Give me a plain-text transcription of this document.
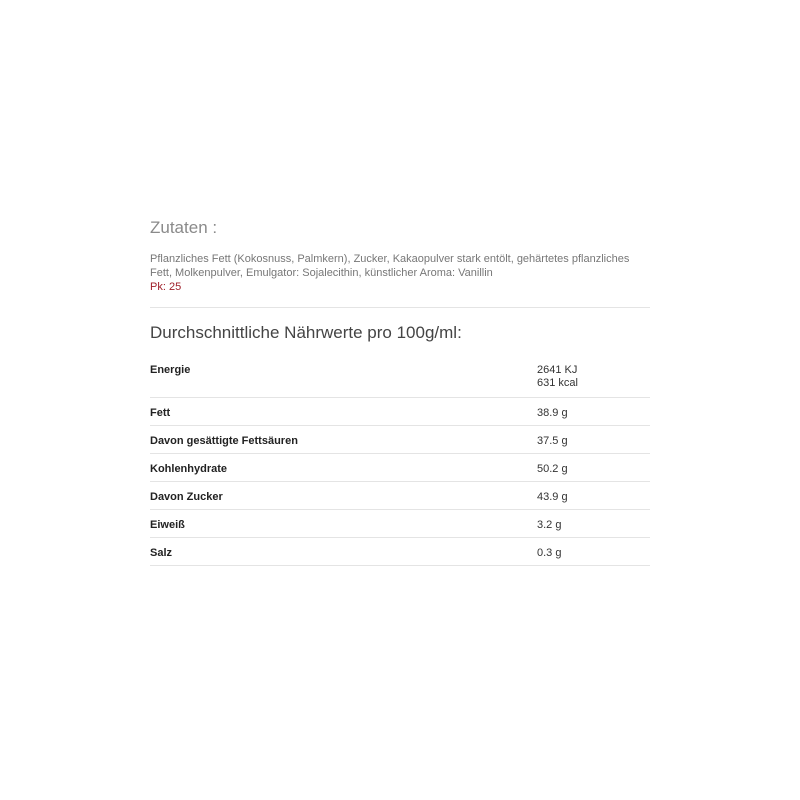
Zutaten :

Pflanzliches Fett (Kokosnuss, Palmkern), Zucker, Kakaopulver stark entölt, gehärtetes pflanzliches Fett, Molkenpulver, Emulgator: Sojalecithin, künstlicher Aroma: Vanillin

Pk: 25

Durchschnittliche Nährwerte pro 100g/ml:
Energie	2641 KJ
631 kcal
Fett	38.9 g
Davon gesättigte Fettsäuren	37.5 g
Kohlenhydrate	50.2 g
Davon Zucker	43.9 g
Eiweiß	3.2 g
Salz	0.3 g
